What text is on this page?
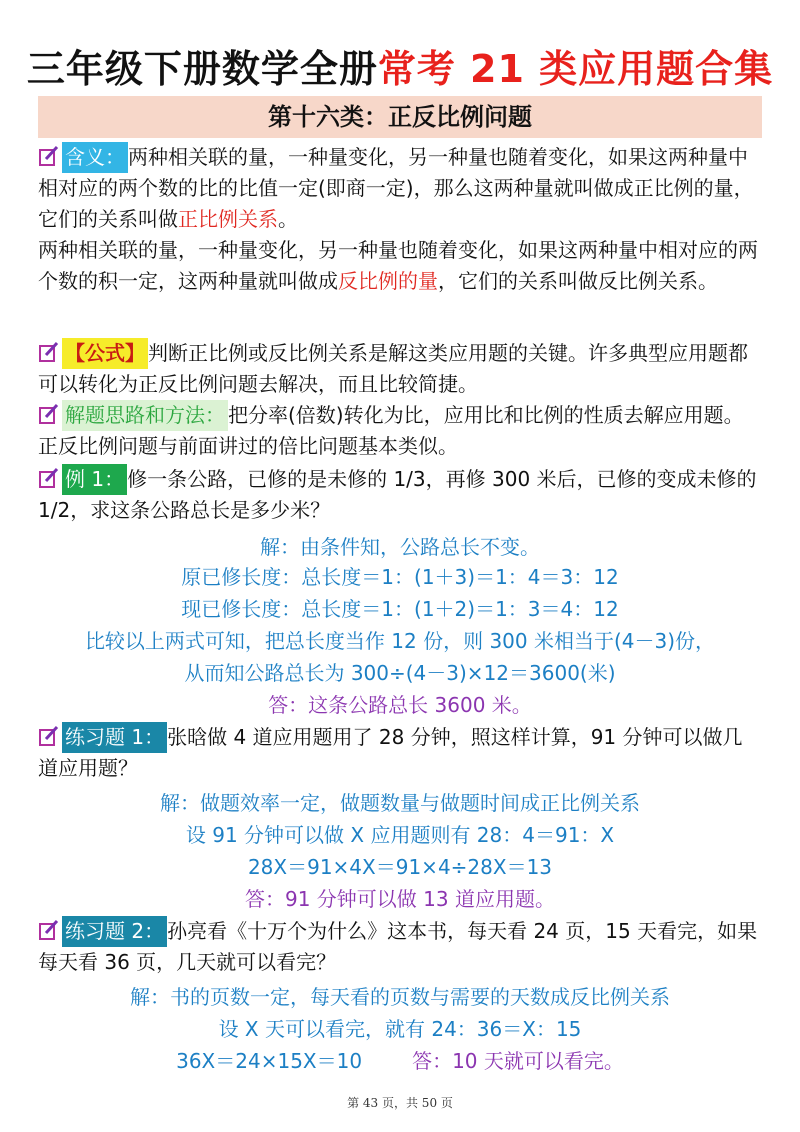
三年级下册数学全册常考 21 类应用题合集
第十六类：正反比例问题
含义： 两种相关联的量，一种量变化，另一种量也随着变化，如果这两种量中相对应的两个数的比的比值一定(即商一定)，那么这两种量就叫做成正比例的量，它们的关系叫做正比例关系。
两种相关联的量，一种量变化，另一种量也随着变化，如果这两种量中相对应的两个数的积一定，这两种量就叫做成反比例的量，它们的关系叫做反比例关系。
【公式】 判断正比例或反比例关系是解这类应用题的关键。许多典型应用题都可以转化为正反比例问题去解决，而且比较简捷。
解题思路和方法： 把分率(倍数)转化为比，应用比和比例的性质去解应用题。正反比例问题与前面讲过的倍比问题基本类似。
例 1： 修一条公路，已修的是未修的 1/3，再修 300 米后，已修的变成未修的 1/2，求这条公路总长是多少米？
解：由条件知，公路总长不变。
原已修长度：总长度＝1：(1＋3)＝1：4＝3：12
现已修长度：总长度＝1：(1＋2)＝1：3＝4：12
比较以上两式可知，把总长度当作 12 份，则 300 米相当于(4－3)份，
从而知公路总长为 300÷(4－3)×12＝3600(米)
答：这条公路总长 3600 米。
练习题 1： 张晗做 4 道应用题用了 28 分钟，照这样计算，91 分钟可以做几道应用题？
解：做题效率一定，做题数量与做题时间成正比例关系
设 91 分钟可以做 X 应用题则有 28：4＝91：X
28X＝91×4X＝91×4÷28X＝13
答：91 分钟可以做 13 道应用题。
练习题 2： 孙亮看《十万个为什么》这本书，每天看 24 页，15 天看完，如果每天看 36 页，几天就可以看完？
解：书的页数一定，每天看的页数与需要的天数成反比例关系
设 X 天可以看完，就有 24：36＝X：15
36X＝24×15X＝10	答：10 天就可以看完。
第 43 页，共 50 页
